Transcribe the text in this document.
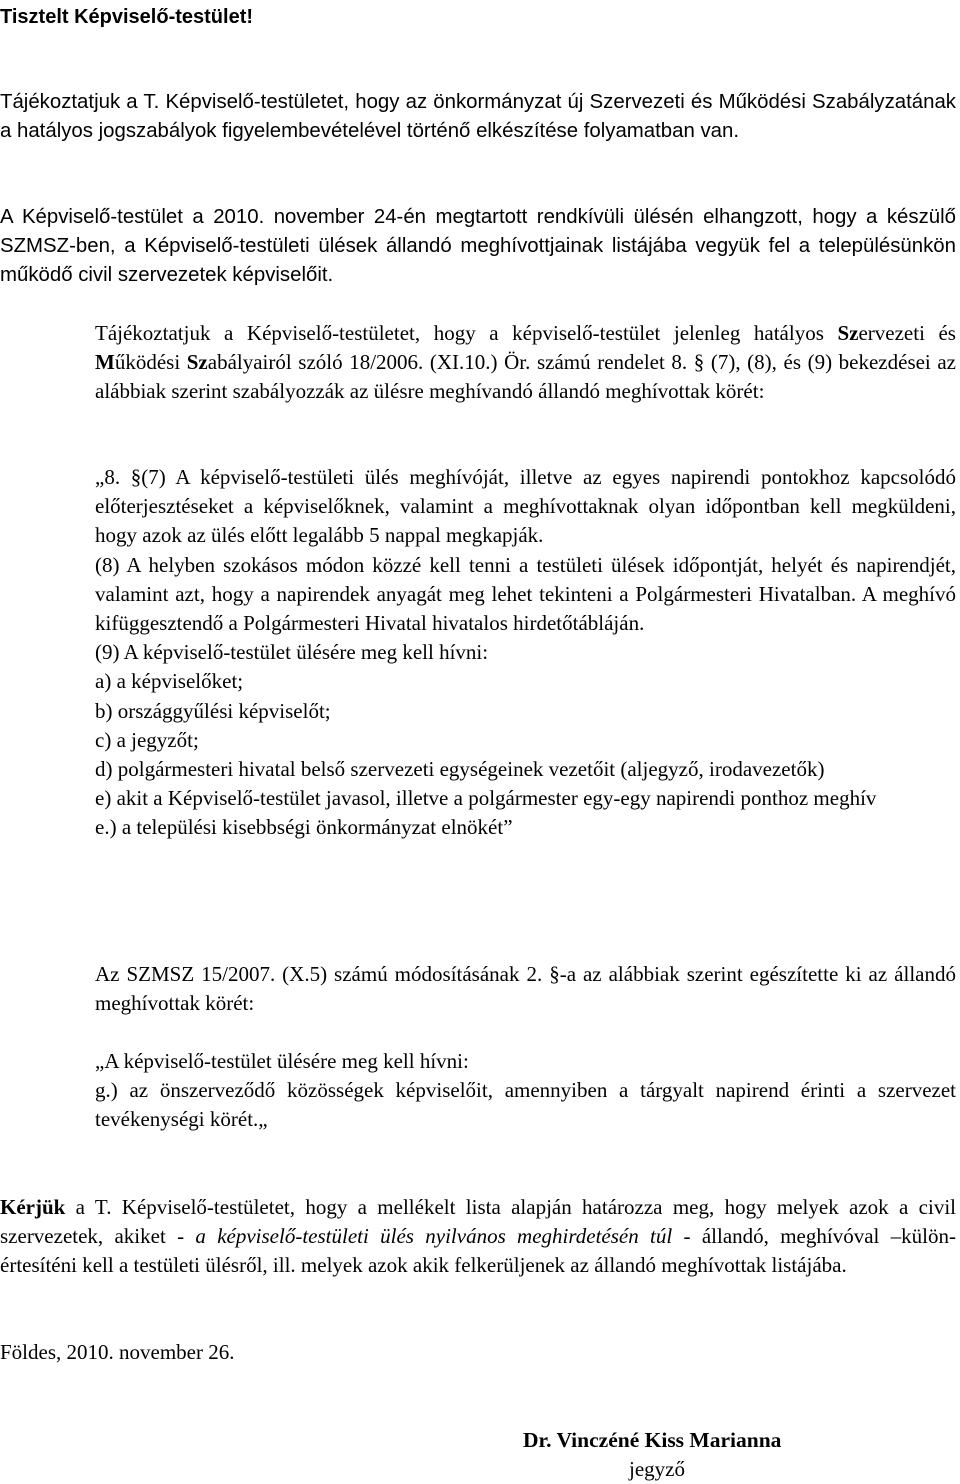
Tisztelt Képviselő-testület!

Tájékoztatjuk a T. Képviselő-testületet, hogy az önkormányzat új Szervezeti és Működési Szabályzatának a hatályos jogszabályok figyelembevételével történő elkészítése folyamatban van.

A Képviselő-testület a 2010. november 24-én megtartott rendkívüli ülésén elhangzott, hogy a készülő SZMSZ-ben, a Képviselő-testületi ülések állandó meghívottjainak listájába vegyük fel a településünkön működő civil szervezetek képviselőit.

Tájékoztatjuk a Képviselő-testületet, hogy a képviselő-testület jelenleg hatályos Szervezeti és Működési Szabályairól szóló 18/2006. (XI.10.) Ör. számú rendelet 8. § (7), (8), és (9) bekezdései az alábbiak szerint szabályozzák az ülésre meghívandó állandó meghívottak körét:

„8. §(7) A képviselő-testületi ülés meghívóját, illetve az egyes napirendi pontokhoz kapcsolódó előterjesztéseket a képviselőknek, valamint a meghívottaknak olyan időpontban kell megküldeni, hogy azok az ülés előtt legalább 5 nappal megkapják.
(8) A helyben szokásos módon közzé kell tenni a testületi ülések időpontját, helyét és napirendjét, valamint azt, hogy a napirendek anyagát meg lehet tekinteni a Polgármesteri Hivatalban. A meghívó kifüggesztendő a Polgármesteri Hivatal hivatalos hirdetőtábláján.
(9) A képviselő-testület ülésére meg kell hívni:
a) a képviselőket;
b) országgyűlési képviselőt;
c) a jegyzőt;
d) polgármesteri hivatal belső szervezeti egységeinek vezetőit (aljegyző, irodavezetők)
e) akit a Képviselő-testület javasol, illetve a polgármester egy-egy napirendi ponthoz meghív
e.) a települési kisebbségi önkormányzat elnökét”

Az SZMSZ 15/2007. (X.5) számú módosításának 2. §-a az alábbiak szerint egészítette ki az állandó meghívottak körét:

„A képviselő-testület ülésére meg kell hívni:
g.) az önszerveződő közösségek képviselőit, amennyiben a tárgyalt napirend érinti a szervezet tevékenységi körét.„

Kérjük a T. Képviselő-testületet, hogy a mellékelt lista alapján határozza meg, hogy melyek azok a civil szervezetek, akiket - a képviselő-testületi ülés nyilvános meghirdetésén túl - állandó, meghívóval –külön- értesíténi kell a testületi ülésről, ill. melyek azok akik felkerüljenek az állandó meghívottak listájába.

Földes, 2010. november 26.
Dr. Vinczéné Kiss Marianna
jegyző
